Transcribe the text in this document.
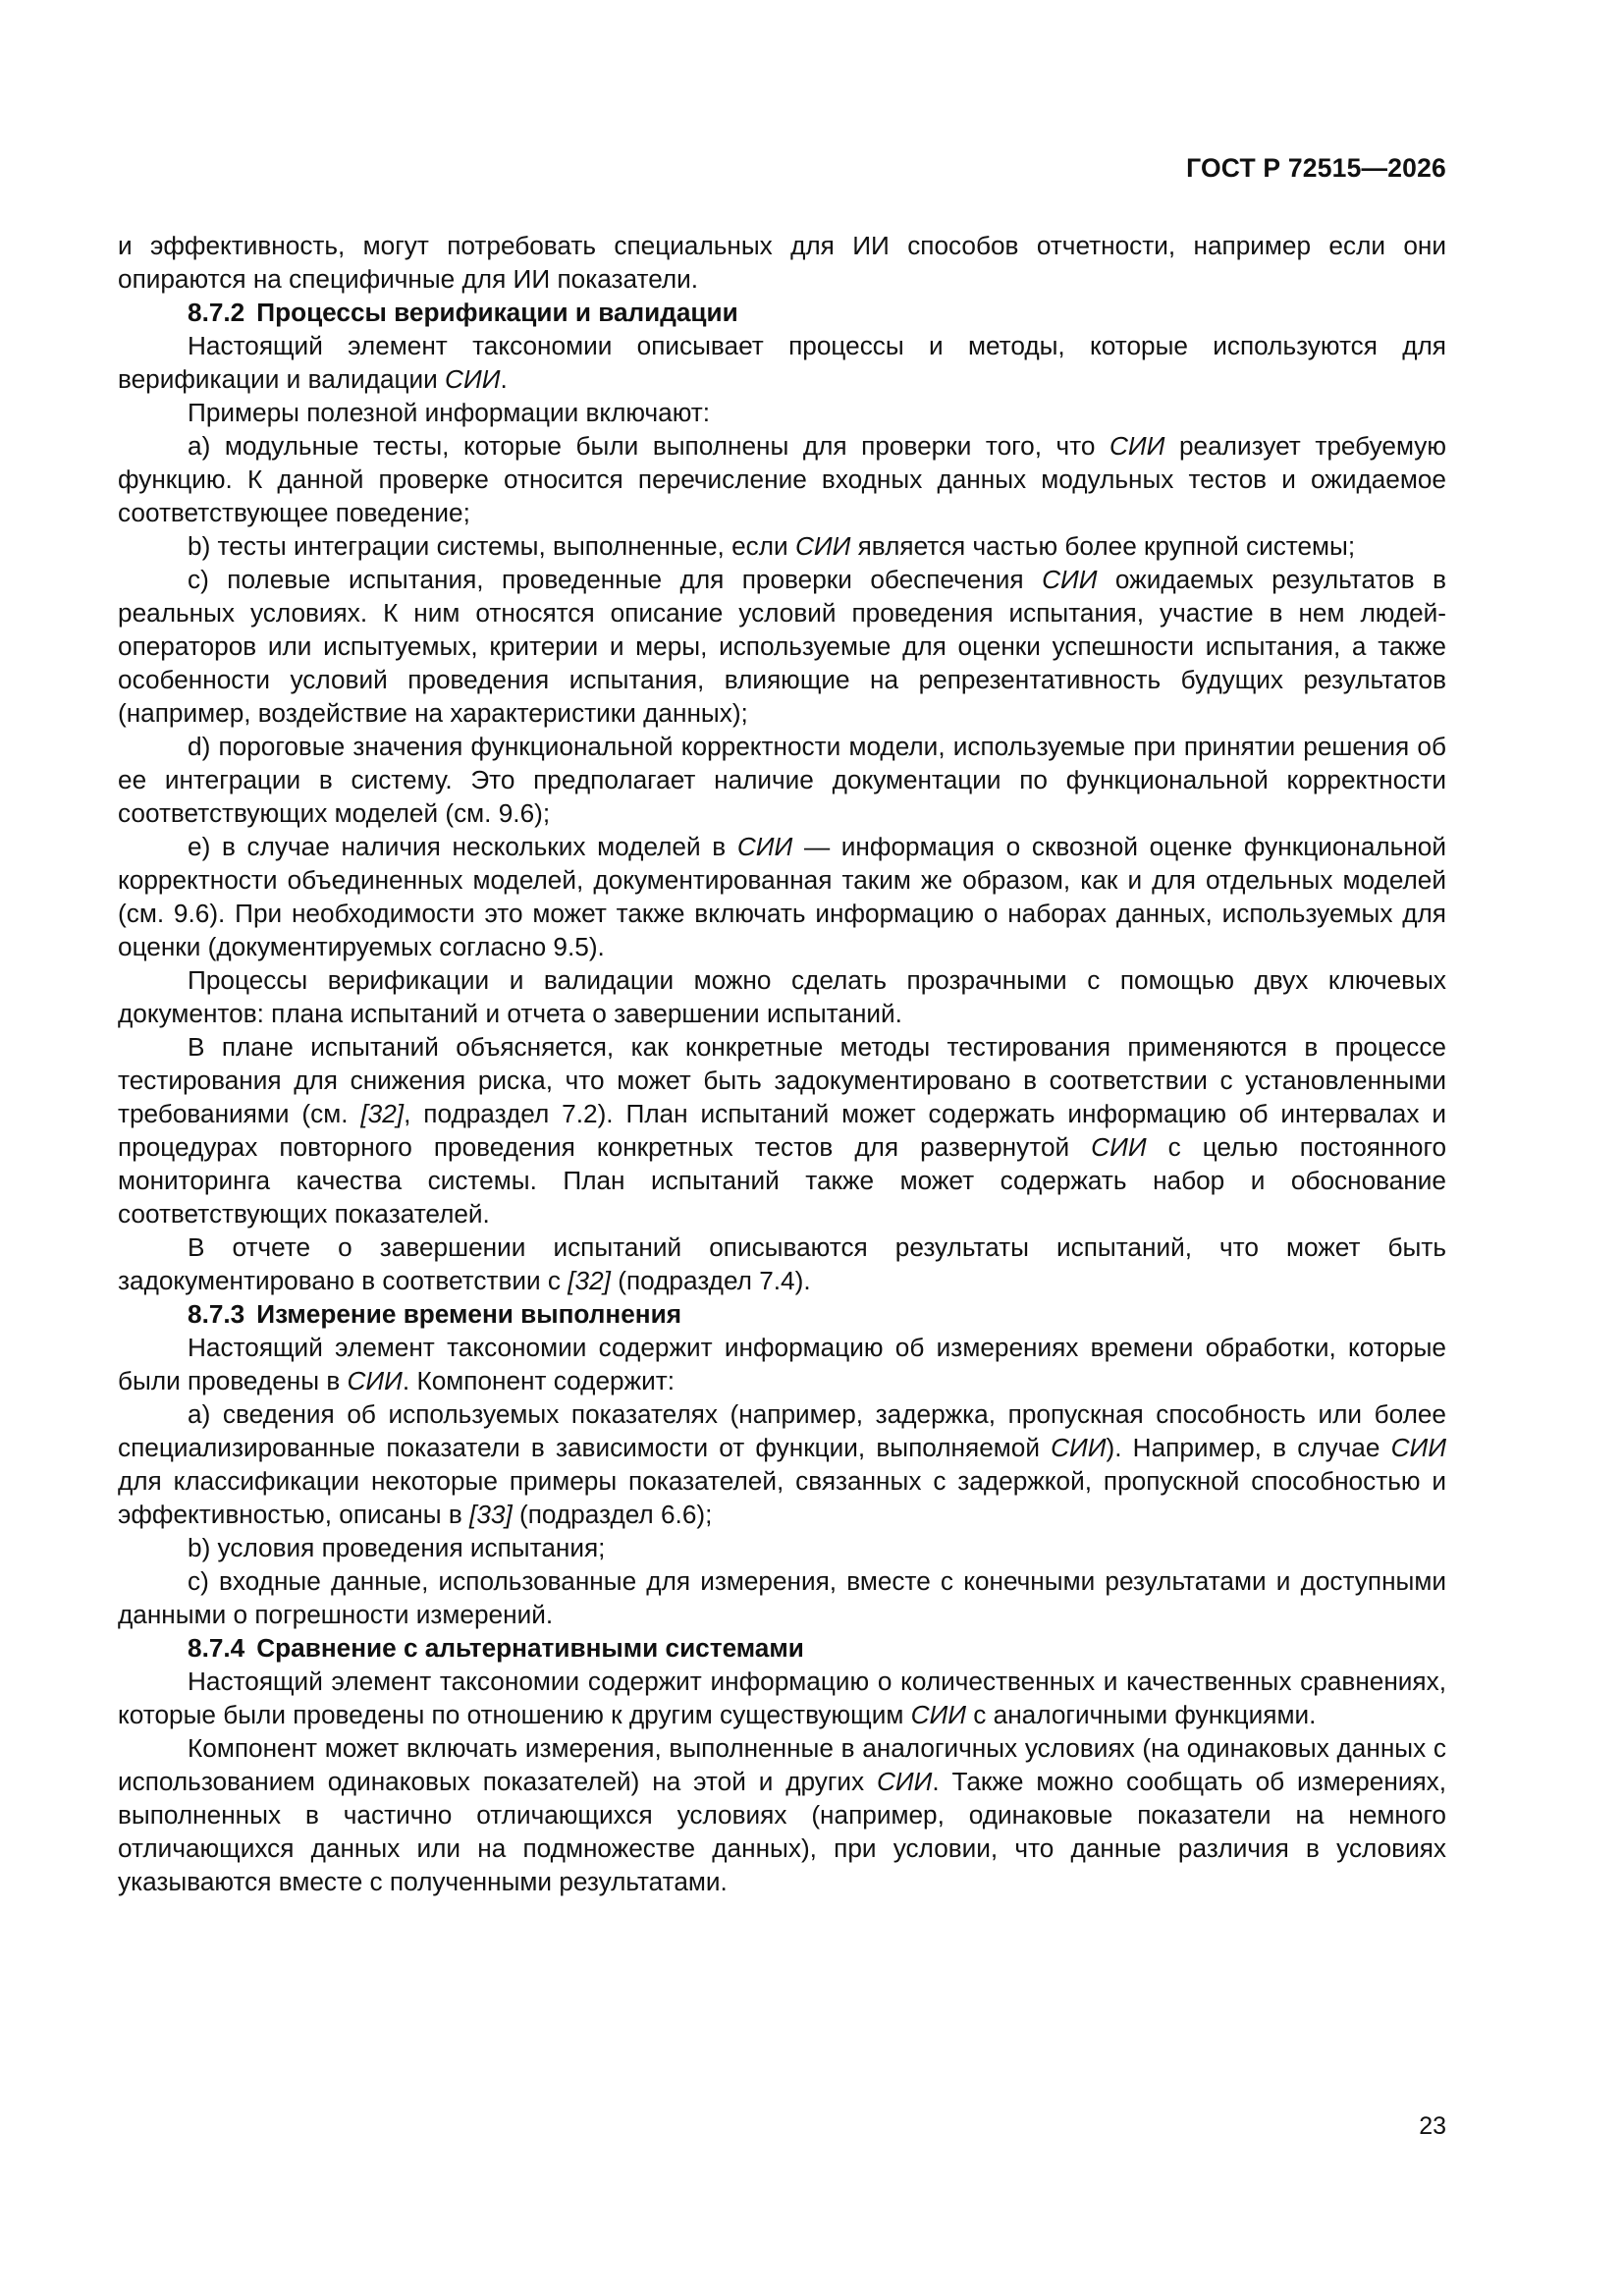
ГОСТ Р 72515—2026

и эффективность, могут потребовать специальных для ИИ способов отчетности, например если они опираются на специфичные для ИИ показатели.

8.7.2 Процессы верификации и валидации

Настоящий элемент таксономии описывает процессы и методы, которые используются для верификации и валидации СИИ.

Примеры полезной информации включают:

a) модульные тесты, которые были выполнены для проверки того, что СИИ реализует требуемую функцию. К данной проверке относится перечисление входных данных модульных тестов и ожидаемое соответствующее поведение;

b) тесты интеграции системы, выполненные, если СИИ является частью более крупной системы;

c) полевые испытания, проведенные для проверки обеспечения СИИ ожидаемых результатов в реальных условиях. К ним относятся описание условий проведения испытания, участие в нем людей-операторов или испытуемых, критерии и меры, используемые для оценки успешности испытания, а также особенности условий проведения испытания, влияющие на репрезентативность будущих результатов (например, воздействие на характеристики данных);

d) пороговые значения функциональной корректности модели, используемые при принятии решения об ее интеграции в систему. Это предполагает наличие документации по функциональной корректности соответствующих моделей (см. 9.6);

e) в случае наличия нескольких моделей в СИИ — информация о сквозной оценке функциональной корректности объединенных моделей, документированная таким же образом, как и для отдельных моделей (см. 9.6). При необходимости это может также включать информацию о наборах данных, используемых для оценки (документируемых согласно 9.5).

Процессы верификации и валидации можно сделать прозрачными с помощью двух ключевых документов: плана испытаний и отчета о завершении испытаний.

В плане испытаний объясняется, как конкретные методы тестирования применяются в процессе тестирования для снижения риска, что может быть задокументировано в соответствии с установленными требованиями (см. [32], подраздел 7.2). План испытаний может содержать информацию об интервалах и процедурах повторного проведения конкретных тестов для развернутой СИИ с целью постоянного мониторинга качества системы. План испытаний также может содержать набор и обоснование соответствующих показателей.

В отчете о завершении испытаний описываются результаты испытаний, что может быть задокументировано в соответствии с [32] (подраздел 7.4).

8.7.3 Измерение времени выполнения

Настоящий элемент таксономии содержит информацию об измерениях времени обработки, которые были проведены в СИИ. Компонент содержит:

a) сведения об используемых показателях (например, задержка, пропускная способность или более специализированные показатели в зависимости от функции, выполняемой СИИ). Например, в случае СИИ для классификации некоторые примеры показателей, связанных с задержкой, пропускной способностью и эффективностью, описаны в [33] (подраздел 6.6);

b) условия проведения испытания;

c) входные данные, использованные для измерения, вместе с конечными результатами и доступными данными о погрешности измерений.

8.7.4 Сравнение с альтернативными системами

Настоящий элемент таксономии содержит информацию о количественных и качественных сравнениях, которые были проведены по отношению к другим существующим СИИ с аналогичными функциями.

Компонент может включать измерения, выполненные в аналогичных условиях (на одинаковых данных с использованием одинаковых показателей) на этой и других СИИ. Также можно сообщать об измерениях, выполненных в частично отличающихся условиях (например, одинаковые показатели на немного отличающихся данных или на подмножестве данных), при условии, что данные различия в условиях указываются вместе с полученными результатами.

23
